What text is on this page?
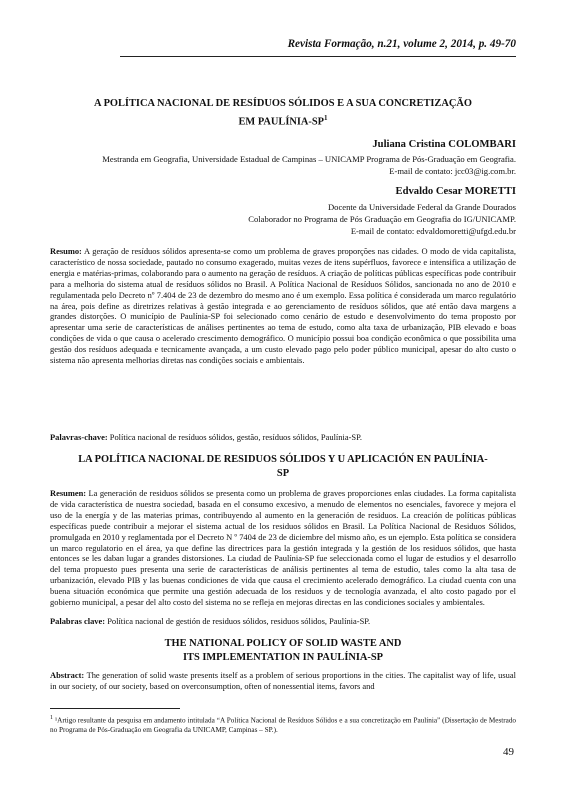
Revista Formação, n.21, volume 2, 2014, p. 49-70
A POLÍTICA NACIONAL DE RESÍDUOS SÓLIDOS E A SUA CONCRETIZAÇÃO
EM PAULÍNIA-$SP^1$
Juliana Cristina COLOMBARI
Mestranda em Geografia, Universidade Estadual de Campinas – UNICAMP Programa de Pós-Graduação em Geografia.
E-mail de contato: jcc03@ig.com.br.
Edvaldo Cesar MORETTI
Docente da Universidade Federal da Grande Dourados
Colaborador no Programa de Pós Graduação em Geografia do IG/UNICAMP.
E-mail de contato: edvaldomoretti@ufgd.edu.br
Resumo: A geração de resíduos sólidos apresenta-se como um problema de graves proporções nas cidades. O modo de vida capitalista, característico de nossa sociedade, pautado no consumo exagerado, muitas vezes de itens supérfluos, favorece e intensifica a utilização de energia e matérias-primas, colaborando para o aumento na geração de resíduos. A criação de políticas públicas específicas pode contribuir para a melhoria do sistema atual de resíduos sólidos no Brasil. A Política Nacional de Resíduos Sólidos, sancionada no ano de 2010 e regulamentada pelo Decreto nº 7.404 de 23 de dezembro do mesmo ano é um exemplo. Essa política é considerada um marco regulatório na área, pois define as diretrizes relativas à gestão integrada e ao gerenciamento de resíduos sólidos, que até então dava margens a grandes distorções. O município de Paulínia-SP foi selecionado como cenário de estudo e desenvolvimento do tema proposto por apresentar uma serie de características de análises pertinentes ao tema de estudo, como alta taxa de urbanização, PIB elevado e boas condições de vida o que causa o acelerado crescimento demográfico. O município possui boa condição econômica o que possibilita uma gestão dos resíduos adequada e tecnicamente avançada, a um custo elevado pago pelo poder público municipal, apesar do alto custo o sistema não apresenta melhorias diretas nas condições sociais e ambientais.
Palavras-chave: Política nacional de resíduos sólidos, gestão, resíduos sólidos, Paulínia-SP.
LA POLÍTICA NACIONAL DE RESIDUOS SÓLIDOS Y U APLICACIÓN EN PAULÍNIA-
SP
Resumen: La generación de residuos sólidos se presenta como un problema de graves proporciones enlas ciudades. La forma capitalista de vida característica de nuestra sociedad, basada en el consumo excesivo, a menudo de elementos no esenciales, favorece y mejora el uso de la energía y de las materias primas, contribuyendo al aumento en la generación de residuos. La creación de políticas públicas específicas puede contribuir a mejorar el sistema actual de los residuos sólidos en Brasil. La Política Nacional de Residuos Sólidos, promulgada en 2010 y reglamentada por el Decreto N º 7404 de 23 de diciembre del mismo año, es un ejemplo. Esta política se considera un marco regulatorio en el área, ya que define las directrices para la gestión integrada y la gestión de los residuos sólidos, que hasta entonces se les daban lugar a grandes distorsiones. La ciudad de Paulínia-SP fue seleccionada como el lugar de estudios y el desarrollo del tema propuesto pues presenta una serie de características de análisis pertinentes al tema de estudio, tales como la alta tasa de urbanización, elevado PIB y las buenas condiciones de vida que causa el crecimiento acelerado demográfico. La ciudad cuenta con una buena situación económica que permite una gestión adecuada de los residuos y de tecnología avanzada, el alto costo pagado por el gobierno municipal, a pesar del alto costo del sistema no se refleja en mejoras directas en las condiciones sociales y ambientales.
Palabras clave: Política nacional de gestión de residuos sólidos, residuos sólidos, Paulínia-SP.
THE NATIONAL POLICY OF SOLID WASTE AND
ITS IMPLEMENTATION IN PAULÍNIA-SP
Abstract: The generation of solid waste presents itself as a problem of serious proportions in the cities. The capitalist way of life, usual in our society, of our society, based on overconsumption, often of nonessential items, favors and
$^1$ ¹Artigo resultante da pesquisa em andamento intitulada “A Política Nacional de Resíduos Sólidos e a sua concretização em Paulínia” (Dissertação de Mestrado no Programa de Pós-Graduação em Geografia da UNICAMP, Campinas – SP.).
49
